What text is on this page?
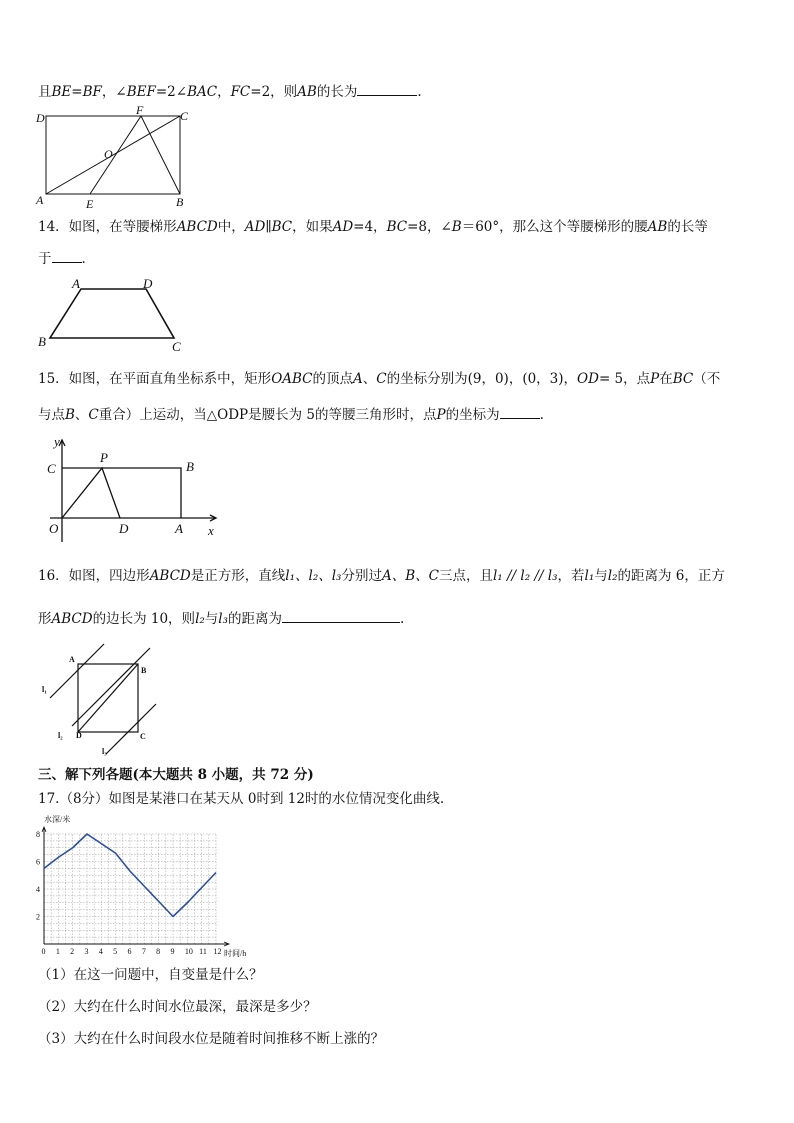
且BE=BF，∠BEF=2∠BAC，FC=2，则AB的长为	.
D
F	C
O
A	E	B
14．如图，在等腰梯形ABCD中，AD∥BC，如果AD=4，BC=8，∠B＝60°，那么这个等腰梯形的腰AB的长等
于 .
A	D
B	C
15．如图，在平面直角坐标系中，矩形OABC的顶点A、C的坐标分别为(9，0)，(0，3)，OD= 5，点P在BC（不
与点B、C重合）上运动，当△ODP是腰长为 5的等腰三角形时，点P的坐标为	.
y
C
P
B
O	D	A x
16．如图，四边形ABCD是正方形，直线l₁、l₂、l₃分别过A、B、C三点，且l₁ // l₂ // l₃，若l₁与l₂的距离为 6，正方
形ABCD的边长为 10，则l₂与l₃的距离为	.
A
B
l₁
l₂ D
l₃
C
三、解下列各题(本大题共 8 小题，共 72 分)
17.（8分）如图是某港口在某天从 0时到 12时的水位情况变化曲线.
0 1 2 3 4 5 6 7 8 9 10 11 12
2
4
6
8
水深/米
时间/h
（1）在这一问题中，自变量是什么？
（2）大约在什么时间水位最深，最深是多少？
（3）大约在什么时间段水位是随着时间推移不断上涨的？
